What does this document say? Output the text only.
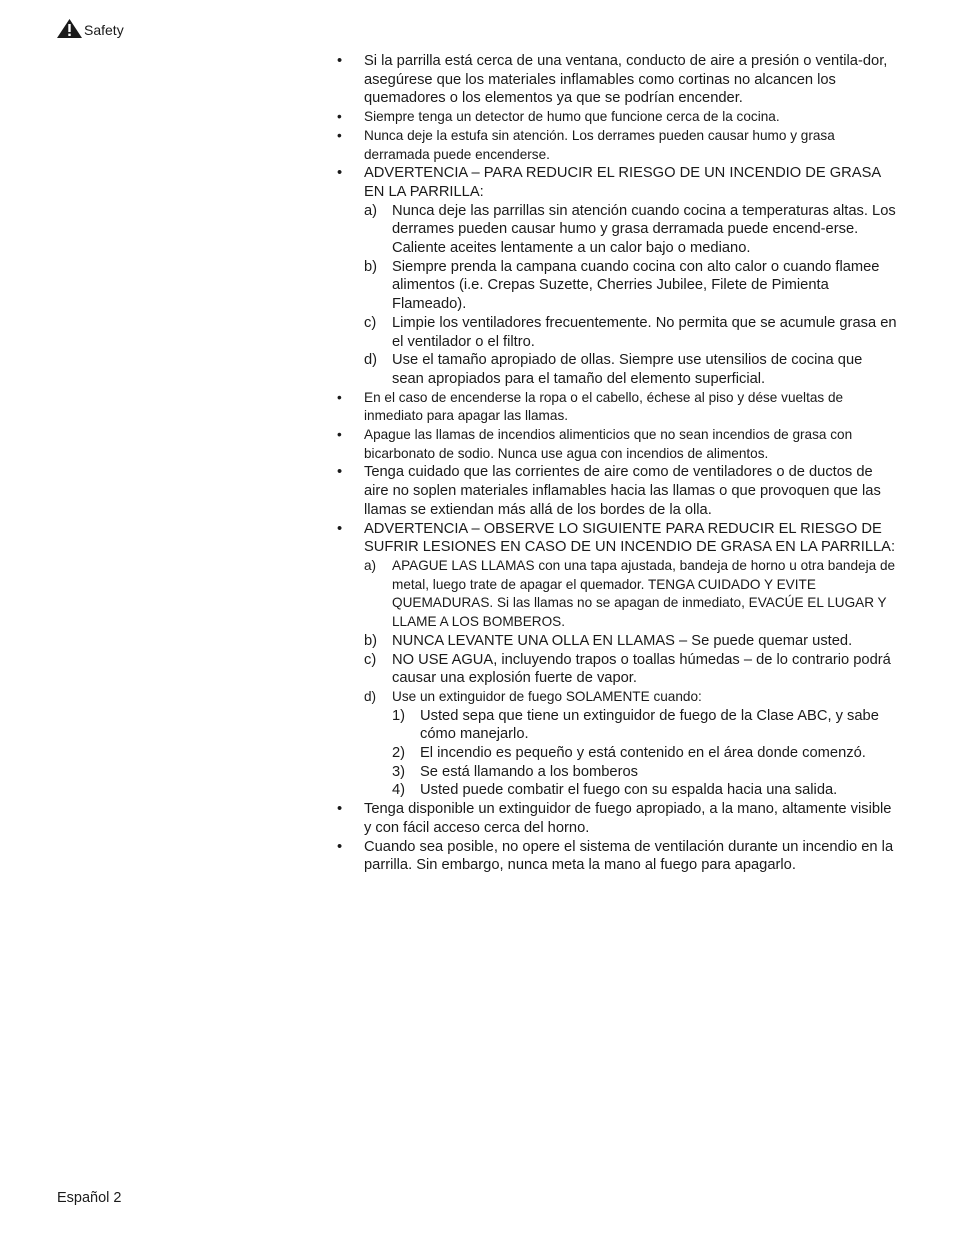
Safety
• Si la parrilla está cerca de una ventana, conducto de aire a presión o ventila-dor, asegúrese que los materiales inflamables como cortinas no alcancen los quemadores o los elementos ya que se podrían encender.
• Siempre tenga un detector de humo que funcione cerca de la cocina.
• Nunca deje la estufa sin atención. Los derrames pueden causar humo y grasa derramada puede encenderse.
• ADVERTENCIA – PARA REDUCIR EL RIESGO DE UN INCENDIO DE GRASA EN LA PARRILLA:
a) Nunca deje las parrillas sin atención cuando cocina a temperaturas altas. Los derrames pueden causar humo y grasa derramada puede encend-erse. Caliente aceites lentamente a un calor bajo o mediano.
b) Siempre prenda la campana cuando cocina con alto calor o cuando flamee alimentos (i.e. Crepas Suzette, Cherries Jubilee, Filete de Pimienta Flameado).
c) Limpie los ventiladores frecuentemente. No permita que se acumule grasa en el ventilador o el filtro.
d) Use el tamaño apropiado de ollas. Siempre use utensilios de cocina que sean apropiados para el tamaño del elemento superficial.
• En el caso de encenderse la ropa o el cabello, échese al piso y dése vueltas de inmediato para apagar las llamas.
• Apague las llamas de incendios alimenticios que no sean incendios de grasa con bicarbonato de sodio. Nunca use agua con incendios de alimentos.
• Tenga cuidado que las corrientes de aire como de ventiladores o de ductos de aire no soplen materiales inflamables hacia las llamas o que provoquen que las llamas se extiendan más allá de los bordes de la olla.
• ADVERTENCIA – OBSERVE LO SIGUIENTE PARA REDUCIR EL RIESGO DE SUFRIR LESIONES EN CASO DE UN INCENDIO DE GRASA EN LA PARRILLA:
a) APAGUE LAS LLAMAS con una tapa ajustada, bandeja de horno u otra bandeja de metal, luego trate de apagar el quemador. TENGA CUIDADO Y EVITE QUEMADURAS. Si las llamas no se apagan de inmediato, EVACÚE EL LUGAR Y LLAME A LOS BOMBEROS.
b) NUNCA LEVANTE UNA OLLA EN LLAMAS – Se puede quemar usted.
c) NO USE AGUA, incluyendo trapos o toallas húmedas – de lo contrario podrá causar una explosión fuerte de vapor.
d) Use un extinguidor de fuego SOLAMENTE cuando:
1) Usted sepa que tiene un extinguidor de fuego de la Clase ABC, y sabe cómo manejarlo.
2) El incendio es pequeño y está contenido en el área donde comenzó.
3) Se está llamando a los bomberos
4) Usted puede combatir el fuego con su espalda hacia una salida.
• Tenga disponible un extinguidor de fuego apropiado, a la mano, altamente visible y con fácil acceso cerca del horno.
• Cuando sea posible, no opere el sistema de ventilación durante un incendio en la parrilla. Sin embargo, nunca meta la mano al fuego para apagarlo.
Español 2
